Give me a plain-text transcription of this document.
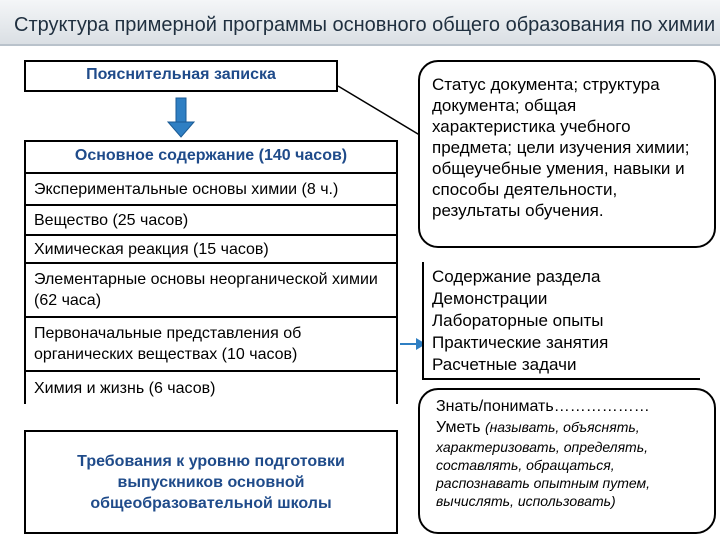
Структура примерной программы основного общего образования по химии
Пояснительная записка
Основное содержание (140 часов)
Экспериментальные основы химии (8 ч.)
Вещество (25 часов)
Химическая реакция (15 часов)
Элементарные основы неорганической химии (62 часа)
Первоначальные представления об органических веществах (10 часов)
Химия и жизнь (6 часов)
Требования к уровню подготовки выпускников основной общеобразовательной школы
Статус документа; структура документа; общая характеристика учебного предмета; цели изучения химии; общеучебные умения, навыки и способы деятельности, результаты обучения.
Содержание раздела
Демонстрации
Лабораторные опыты
Практические занятия
Расчетные задачи
Знать/понимать………………
Уметь (называть, объяснять,
характеризовать, определять,
составлять, обращаться,
распознавать опытным путем,
вычислять, использовать)
